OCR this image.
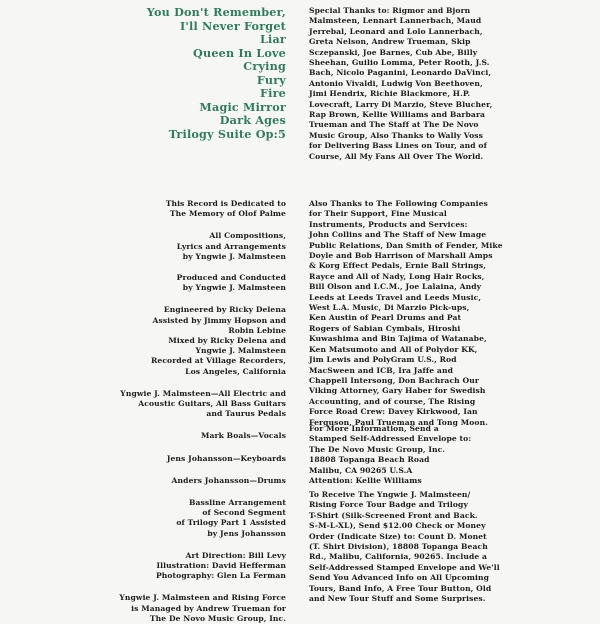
You Don't Remember,
I'll Never Forget
Liar
Queen In Love
Crying
Fury
Fire
Magic Mirror
Dark Ages
Trilogy Suite Op:5
This Record is Dedicated to
The Memory of Olof Palme
All Compositions,
Lyrics and Arrangements
by Yngwie J. Malmsteen
Produced and Conducted
by Yngwie J. Malmsteen
Engineered by Ricky Delena
Assisted by Jimmy Hopson and
Robin Lebine
Mixed by Ricky Delena and
Yngwie J. Malmsteen
Recorded at Village Recorders,
Los Angeles, California
Yngwie J. Malmsteen—All Electric and
Acoustic Guitars, All Bass Guitars
and Taurus Pedals
Mark Boals—Vocals
Jens Johansson—Keyboards
Anders Johansson—Drums
Bassline Arrangement
of Second Segment
of Trilogy Part 1 Assisted
by Jens Johansson
Art Direction: Bill Levy
Illustration: David Hefferman
Photography: Glen La Ferman
Yngwie J. Malmsteen and Rising Force
is Managed by Andrew Trueman for
The De Novo Music Group, Inc.
Special Thanks to: Rigmor and Bjorn
Malmsteen, Lennart Lannerbach, Maud
Jerrebal, Leonard and Lolo Lannerbach,
Greta Nelson, Andrew Trueman, Skip
Sczepanski, Joe Barnes, Cub Abe, Billy
Sheehan, Guilio Lomma, Peter Rooth, J.S.
Bach, Nicolo Paganini, Leonardo DaVinci,
Antonio Vivaldi, Ludwig Von Beethoven,
Jimi Hendrix, Richie Blackmore, H.P.
Lovecraft, Larry Di Marzio, Steve Blucher,
Rap Brown, Kellie Williams and Barbara
Trueman and The Staff at The De Novo
Music Group, Also Thanks to Wally Voss
for Delivering Bass Lines on Tour, and of
Course, All My Fans All Over The World.
Also Thanks to The Following Companies
for Their Support, Fine Musical
Instruments, Products and Services:
John Collins and The Staff of New Image
Public Relations, Dan Smith of Fender, Mike
Doyle and Bob Harrison of Marshall Amps
& Korg Effect Pedals, Ernie Ball Strings,
Rayce and All of Nady, Long Hair Rocks,
Bill Olson and I.C.M., Joe Lalaina, Andy
Leeds at Leeds Travel and Leeds Music,
West L.A. Music, Di Marzio Pick-ups,
Ken Austin of Pearl Drums and Pat
Rogers of Sabian Cymbals, Hiroshi
Kuwashima and Bin Tajima of Watanabe,
Ken Matsumoto and All of Polydor KK,
Jim Lewis and PolyGram U.S., Rod
MacSween and ICB, Ira Jaffe and
Chappell Intersong, Don Bachrach Our
Viking Attorney, Gary Haber for Swedish
Accounting, and of course, The Rising
Force Road Crew: Davey Kirkwood, Ian
Ferguson, Paul Trueman and Tong Moon.
For More Information, Send a
Stamped Self-Addressed Envelope to:
The De Novo Music Group, Inc.
18808 Topanga Beach Road
Malibu, CA 90265 U.S.A
Attention: Kellie Williams
To Receive The Yngwie J. Malmsteen/
Rising Force Tour Badge and Trilogy
T-Shirt (Silk-Screened Front and Back.
S-M-L-XL), Send $12.00 Check or Money
Order (Indicate Size) to: Count D. Monet
(T. Shirt Division), 18808 Topanga Beach
Rd., Malibu, California, 90265. Include a
Self-Addressed Stamped Envelope and We'll
Send You Advanced Info on All Upcoming
Tours, Band Info, A Free Tour Button, Old
and New Tour Stuff and Some Surprises.
